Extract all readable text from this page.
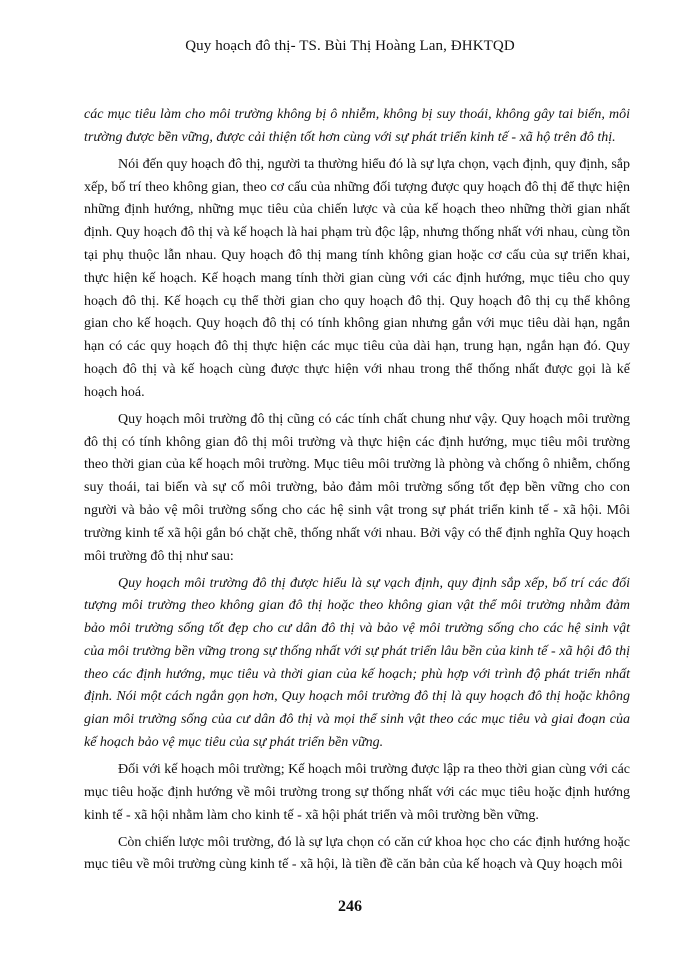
Quy hoạch đô thị- TS. Bùi Thị Hoàng Lan, ĐHKTQD

các mục tiêu làm cho môi trường không bị ô nhiễm, không bị suy thoái, không gây tai biến, môi trường được bền vững, được cải thiện tốt hơn cùng với sự phát triển kinh tế - xã hộ trên đô thị.

Nói đến quy hoạch đô thị, người ta thường hiểu đó là sự lựa chọn, vạch định, quy định, sắp xếp, bố trí theo không gian, theo cơ cấu của những đối tượng được quy hoạch đô thị để thực hiện những định hướng, những mục tiêu của chiến lược và của kế hoạch theo những thời gian nhất định. Quy hoạch đô thị và kế hoạch là hai phạm trù độc lập, nhưng thống nhất với nhau, cùng tồn tại phụ thuộc lẫn nhau. Quy hoạch đô thị mang tính không gian hoặc cơ cấu của sự triển khai, thực hiện kế hoạch. Kế hoạch mang tính thời gian cùng với các định hướng, mục tiêu cho quy hoạch đô thị. Kế hoạch cụ thể thời gian cho quy hoạch đô thị. Quy hoạch đô thị cụ thể không gian cho kế hoạch. Quy hoạch đô thị có tính không gian nhưng gắn với mục tiêu dài hạn, ngắn hạn có các quy hoạch đô thị thực hiện các mục tiêu của dài hạn, trung hạn, ngắn hạn đó. Quy hoạch đô thị và kế hoạch cùng được thực hiện với nhau trong thể thống nhất được gọi là kế hoạch hoá.

Quy hoạch môi trường đô thị cũng có các tính chất chung như vậy. Quy hoạch môi trường đô thị có tính không gian đô thị môi trường và thực hiện các định hướng, mục tiêu môi trường theo thời gian của kế hoạch môi trường. Mục tiêu môi trường là phòng và chống ô nhiễm, chống suy thoái, tai biến và sự cố môi trường, bảo đảm môi trường sống tốt đẹp bền vững cho con người và bảo vệ môi trường sống cho các hệ sinh vật trong sự phát triển kinh tế - xã hội. Môi trường kinh tế xã hội gắn bó chặt chẽ, thống nhất với nhau. Bởi vậy có thể định nghĩa Quy hoạch môi trường đô thị như sau:

Quy hoạch môi trường đô thị được hiểu là sự vạch định, quy định sắp xếp, bố trí các đối tượng môi trường theo không gian đô thị hoặc theo không gian vật thể môi trường nhằm đảm bảo môi trường sống tốt đẹp cho cư dân đô thị và bảo vệ môi trường sống cho các hệ sinh vật của môi trường bền vững trong sự thống nhất với sự phát triển lâu bền của kinh tế - xã hội đô thị theo các định hướng, mục tiêu và thời gian của kế hoạch; phù hợp với trình độ phát triển nhất định. Nói một cách ngắn gọn hơn, Quy hoạch môi trường đô thị là quy hoạch đô thị hoặc không gian môi trường sống của cư dân đô thị và mọi thể sinh vật theo các mục tiêu và giai đoạn của kế hoạch bảo vệ mục tiêu của sự phát triển bền vững.

Đối với kế hoạch môi trường; Kế hoạch môi trường được lập ra theo thời gian cùng với các mục tiêu hoặc định hướng về môi trường trong sự thống nhất với các mục tiêu hoặc định hướng kinh tế - xã hội nhằm làm cho kinh tế - xã hội phát triển và môi trường bền vững.

Còn chiến lược môi trường, đó là sự lựa chọn có căn cứ khoa học cho các định hướng hoặc mục tiêu về môi trường cùng kinh tế - xã hội, là tiền đề căn bản của kế hoạch và Quy hoạch môi

246
